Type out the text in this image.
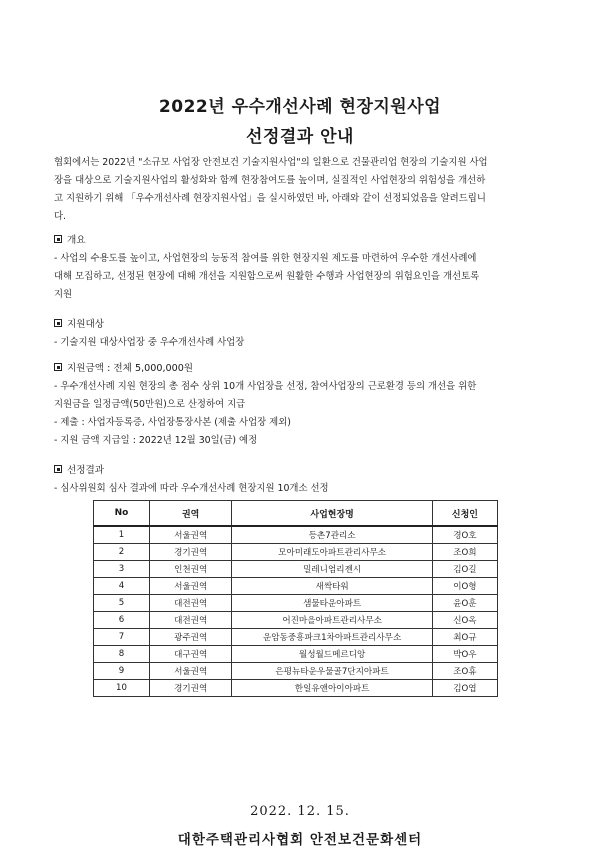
2022년 우수개선사례 현장지원사업
선정결과 안내
협회에서는 2022년 "소규모 사업장 안전보건 기술지원사업"의 일환으로 건물관리업 현장의 기술지원 사업
장을 대상으로 기술지원사업의 활성화와 함께 현장참여도를 높이며, 실질적인 사업현장의 위험성을 개선하
고 지원하기 위해 「우수개선사례 현장지원사업」을 실시하였던 바, 아래와 같이 선정되었음을 알려드립니
다.
개요
- 사업의 수용도를 높이고, 사업현장의 능동적 참여를 위한 현장지원 제도를 마련하여 우수한 개선사례에
대해 모집하고, 선정된 현장에 대해 개선을 지원함으로써 원활한 수행과 사업현장의 위험요인을 개선토록
지원
지원대상
- 기술지원 대상사업장 중 우수개선사례 사업장
지원금액 : 전체 5,000,000원
- 우수개선사례 지원 현장의 총 점수 상위 10개 사업장을 선정, 참여사업장의 근로환경 등의 개선을 위한
지원금을 일정금액(50만원)으로 산정하여 지급
- 제출 : 사업자등록증, 사업장통장사본 (제출 사업장 제외)
- 지원 금액 지급일 : 2022년 12월 30일(금) 예정
선정결과
- 심사위원회 심사 결과에 따라 우수개선사례 현장지원 10개소 선정
No	권역	사업현장명	신청인
1	서울권역	등촌7관리소	경O호
2	경기권역	모아미래도아파트관리사무소	조O희
3	인천권역	밀레니엄리젠시	김O길
4	서울권역	새싹타워	이O형
5	대전권역	샘물타운아파트	윤O훈
6	대전권역	어진마을아파트관리사무소	신O옥
7	광주권역	운암동중흥파크1차아파트관리사무소	최O규
8	대구권역	월성월드메르디앙	박O우
9	서울권역	은평뉴타운우물골7단지아파트	조O휴
10	경기권역	한일유앤아이아파트	김O엽
2022. 12. 15.
대한주택관리사협회 안전보건문화센터
